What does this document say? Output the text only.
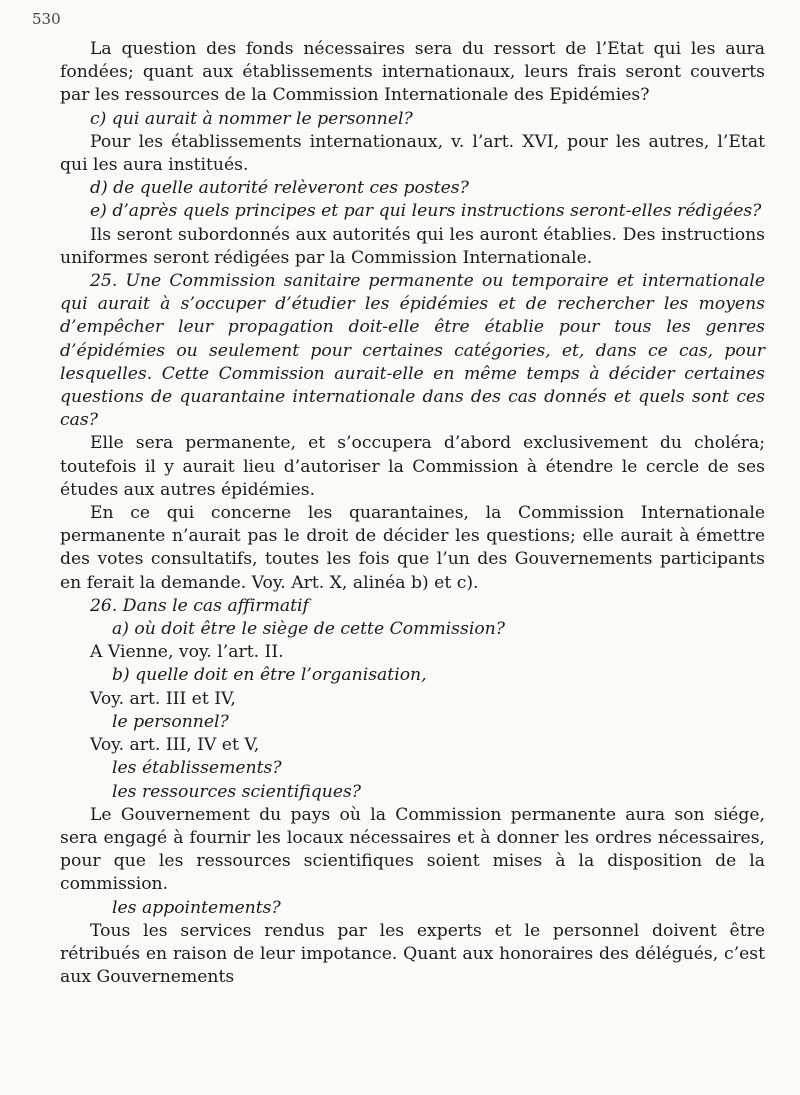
530

La question des fonds nécessaires sera du ressort de l’Etat qui les aura fondées; quant aux établissements internationaux, leurs frais seront couverts par les ressources de la Commission Internationale des Epidémies?

c) qui aurait à nommer le personnel?

Pour les établissements internationaux, v. l’art. XVI, pour les autres, l’Etat qui les aura institués.

d) de quelle autorité relèveront ces postes?

e) d’après quels principes et par qui leurs instructions seront-elles rédigées?

Ils seront subordonnés aux autorités qui les auront établies. Des instructions uniformes seront rédigées par la Commission Internationale.

25. Une Commission sanitaire permanente ou temporaire et internationale qui aurait à s’occuper d’étudier les épidémies et de rechercher les moyens d’empêcher leur propagation doit-elle être établie pour tous les genres d’épidémies ou seulement pour certaines catégories, et, dans ce cas, pour lesquelles. Cette Commission aurait-elle en même temps à décider certaines questions de quarantaine internationale dans des cas donnés et quels sont ces cas?

Elle sera permanente, et s’occupera d’abord exclusivement du choléra; toutefois il y aurait lieu d’autoriser la Commission à étendre le cercle de ses études aux autres épidémies.

En ce qui concerne les quarantaines, la Commission Internationale permanente n’aurait pas le droit de décider les questions; elle aurait à émettre des votes consultatifs, toutes les fois que l’un des Gouvernements participants en ferait la demande. Voy. Art. X, alinéa b) et c).

26. Dans le cas affirmatif

a) où doit être le siège de cette Commission?

A Vienne, voy. l’art. II.

b) quelle doit en être l’organisation,

Voy. art. III et IV,

le personnel?

Voy. art. III, IV et V,

les établissements?

les ressources scientifiques?

Le Gouvernement du pays où la Commission permanente aura son siége, sera engagé à fournir les locaux nécessaires et à donner les ordres nécessaires, pour que les ressources scientifiques soient mises à la disposition de la commission.

les appointements?

Tous les services rendus par les experts et le personnel doivent être rétribués en raison de leur impotance. Quant aux honoraires des délégués, c’est aux Gouvernements
